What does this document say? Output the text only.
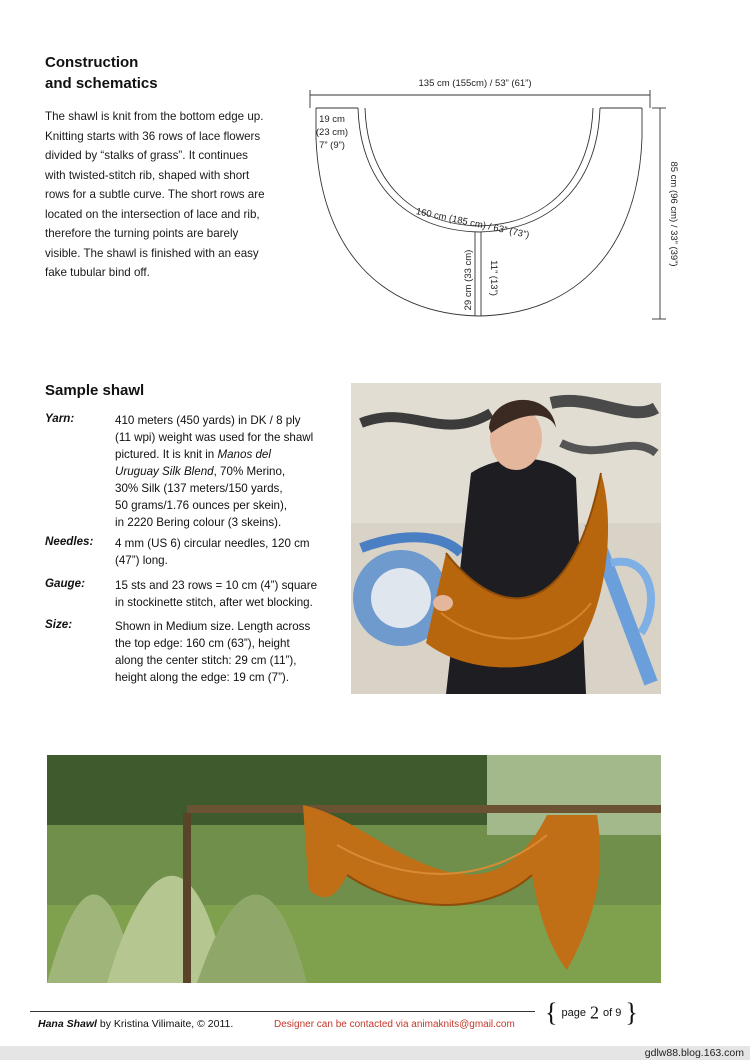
Construction
and schematics
The shawl is knit from the bottom edge up.
Knitting starts with 36 rows of lace flowers
divided by “stalks of grass”. It continues
with twisted-stitch rib, shaped with short
rows for a subtle curve. The short rows are
located on the intersection of lace and rib,
therefore the turning points are barely
visible. The shawl is finished with an easy
fake tubular bind off.
135 cm (155cm) / 53” (61”)
19 cm
(23 cm)
7” (9”)
160 cm (185 cm) / 63” (73”)
29 cm (33 cm) 11” (13”)
85 cm (96 cm) / 33” (39”)
Sample shawl
Yarn:	410 meters (450 yards) in DK / 8 ply
(11 wpi) weight was used for the shawl
pictured. It is knit in Manos del
Uruguay Silk Blend, 70% Merino,
30% Silk (137 meters/150 yards,
50 grams/1.76 ounces per skein),
in 2220 Bering colour (3 skeins).
Needles: 4 mm (US 6) circular needles, 120 cm
(47”) long.
Gauge:	15 sts and 23 rows = 10 cm (4”) square
in stockinette stitch, after wet blocking.
Size:	Shown in Medium size. Length across
the top edge: 160 cm (63”), height
along the center stitch: 29 cm (11”),
height along the edge: 19 cm (7”).
Hana Shawl by Kristina Vilimaite, © 2011.	Designer can be contacted via animaknits@gmail.com { page 2 of 9 }
gdlw88.blog.163.com
